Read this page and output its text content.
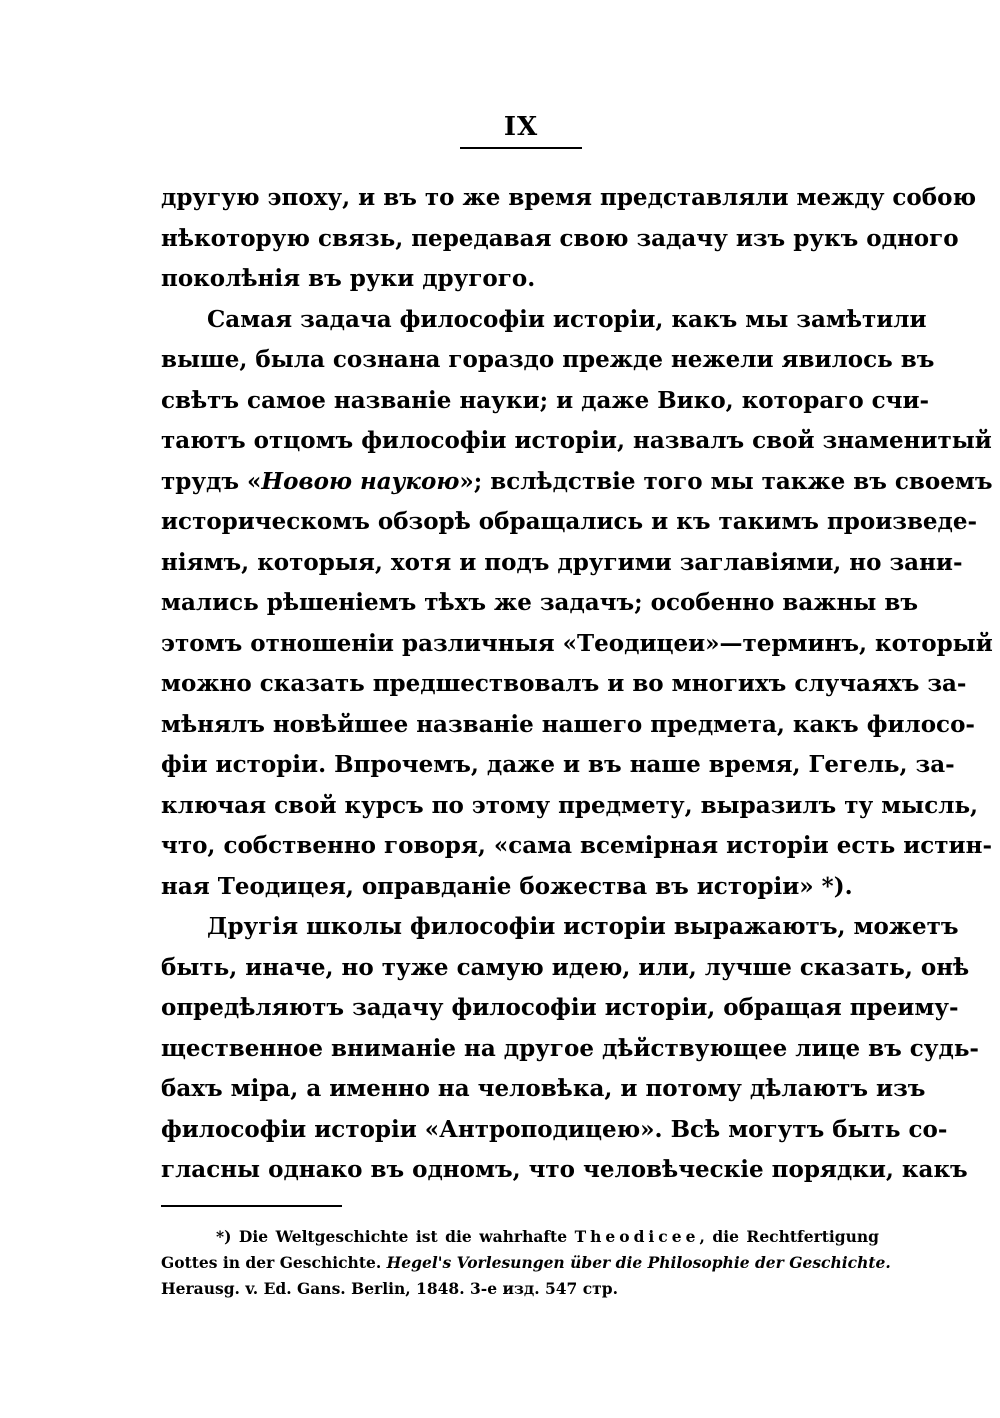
IX
другую эпоху, и въ то же время представляли между собою
нѣкоторую связь, передавая свою задачу изъ рукъ одного
поколѣнія въ руки другого.
Самая задача философіи исторіи, какъ мы замѣтили
выше, была сознана гораздо прежде нежели явилось въ
свѣтъ самое названіе науки; и даже Вико, котораго счи-
таютъ отцомъ философіи исторіи, назвалъ свой знаменитый
трудъ «Новою наукою»; вслѣдствіе того мы также въ своемъ
историческомъ обзорѣ обращались и къ такимъ произведе-
ніямъ, которыя, хотя и подъ другими заглавіями, но зани-
мались рѣшеніемъ тѣхъ же задачъ; особенно важны въ
этомъ отношеніи различныя «Теодицеи»—терминъ, который
можно сказать предшествовалъ и во многихъ случаяхъ за-
мѣнялъ новѣйшее названіе нашего предмета, какъ филосо-
фіи исторіи. Впрочемъ, даже и въ наше время, Гегель, за-
ключая свой курсъ по этому предмету, выразилъ ту мысль,
что, собственно говоря, «сама всемірная исторіи есть истин-
ная Теодицея, оправданіе божества въ исторіи» *).
Другія школы философіи исторіи выражаютъ, можетъ
быть, иначе, но туже самую идею, или, лучше сказать, онѣ
опредѣляютъ задачу философіи исторіи, обращая преиму-
щественное вниманіе на другое дѣйствующее лице въ судь-
бахъ міра, а именно на человѣка, и потому дѣлаютъ изъ
философіи исторіи «Антроподицею». Всѣ могутъ быть со-
гласны однако въ одномъ, что человѣческіе порядки, какъ
*) Die Weltgeschichte ist die wahrhafte Theodicee, die Rechtfertigung
Gottes in der Geschichte. Hegel's Vorlesungen über die Philosophie der Geschichte.
Herausg. v. Ed. Gans. Berlin, 1848. 3-е изд. 547 стр.
